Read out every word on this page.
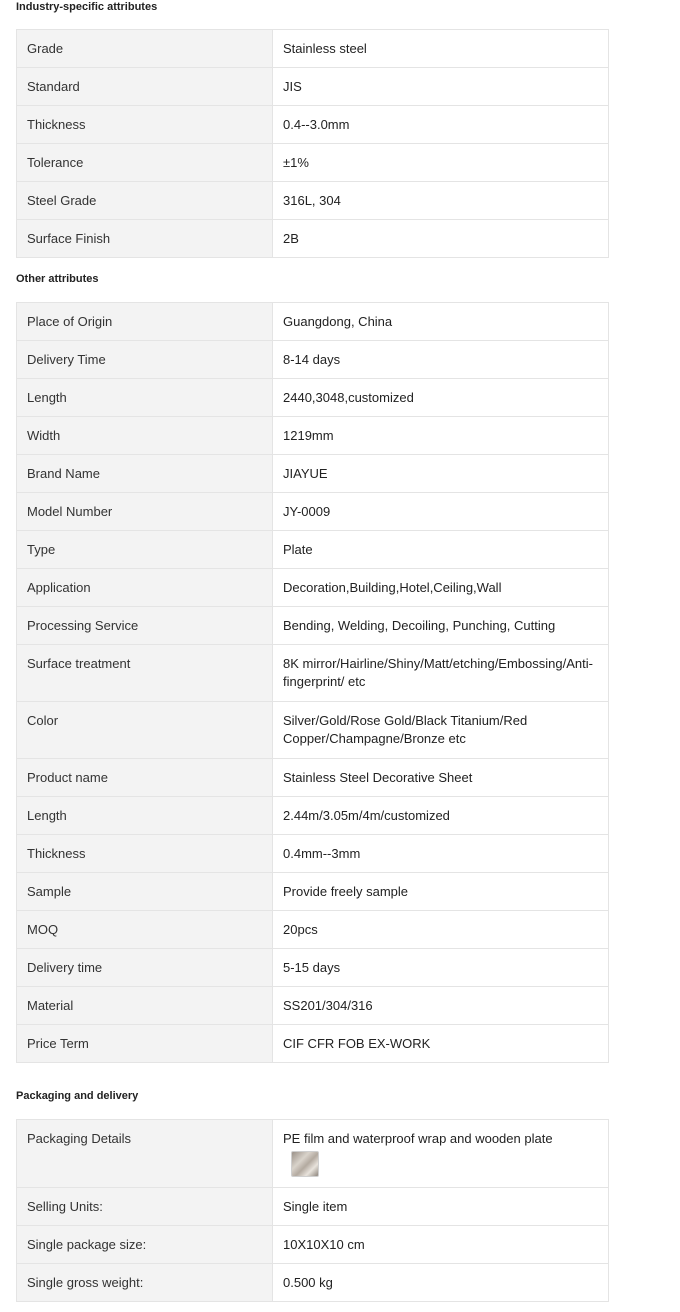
Industry-specific attributes
Grade	Stainless steel
Standard	JIS
Thickness	0.4--3.0mm
Tolerance	±1%
Steel Grade	316L, 304
Surface Finish	2B
Other attributes
Place of Origin	Guangdong, China
Delivery Time	8-14 days
Length	2440,3048,customized
Width	1219mm
Brand Name	JIAYUE
Model Number	JY-0009
Type	Plate
Application	Decoration,Building,Hotel,Ceiling,Wall
Processing Service	Bending, Welding, Decoiling, Punching, Cutting
Surface treatment	8K mirror/Hairline/Shiny/Matt/etching/Embossing/Anti-fingerprint/ etc
Color	Silver/Gold/Rose Gold/Black Titanium/Red Copper/Champagne/Bronze etc
Product name	Stainless Steel Decorative Sheet
Length	2.44m/3.05m/4m/customized
Thickness	0.4mm--3mm
Sample	Provide freely sample
MOQ	20pcs
Delivery time	5-15 days
Material	SS201/304/316
Price Term	CIF CFR FOB EX-WORK
Packaging and delivery
Packaging Details	PE film and waterproof wrap and wooden plate

Selling Units:	Single item
Single package size:	10X10X10 cm
Single gross weight:	0.500 kg
